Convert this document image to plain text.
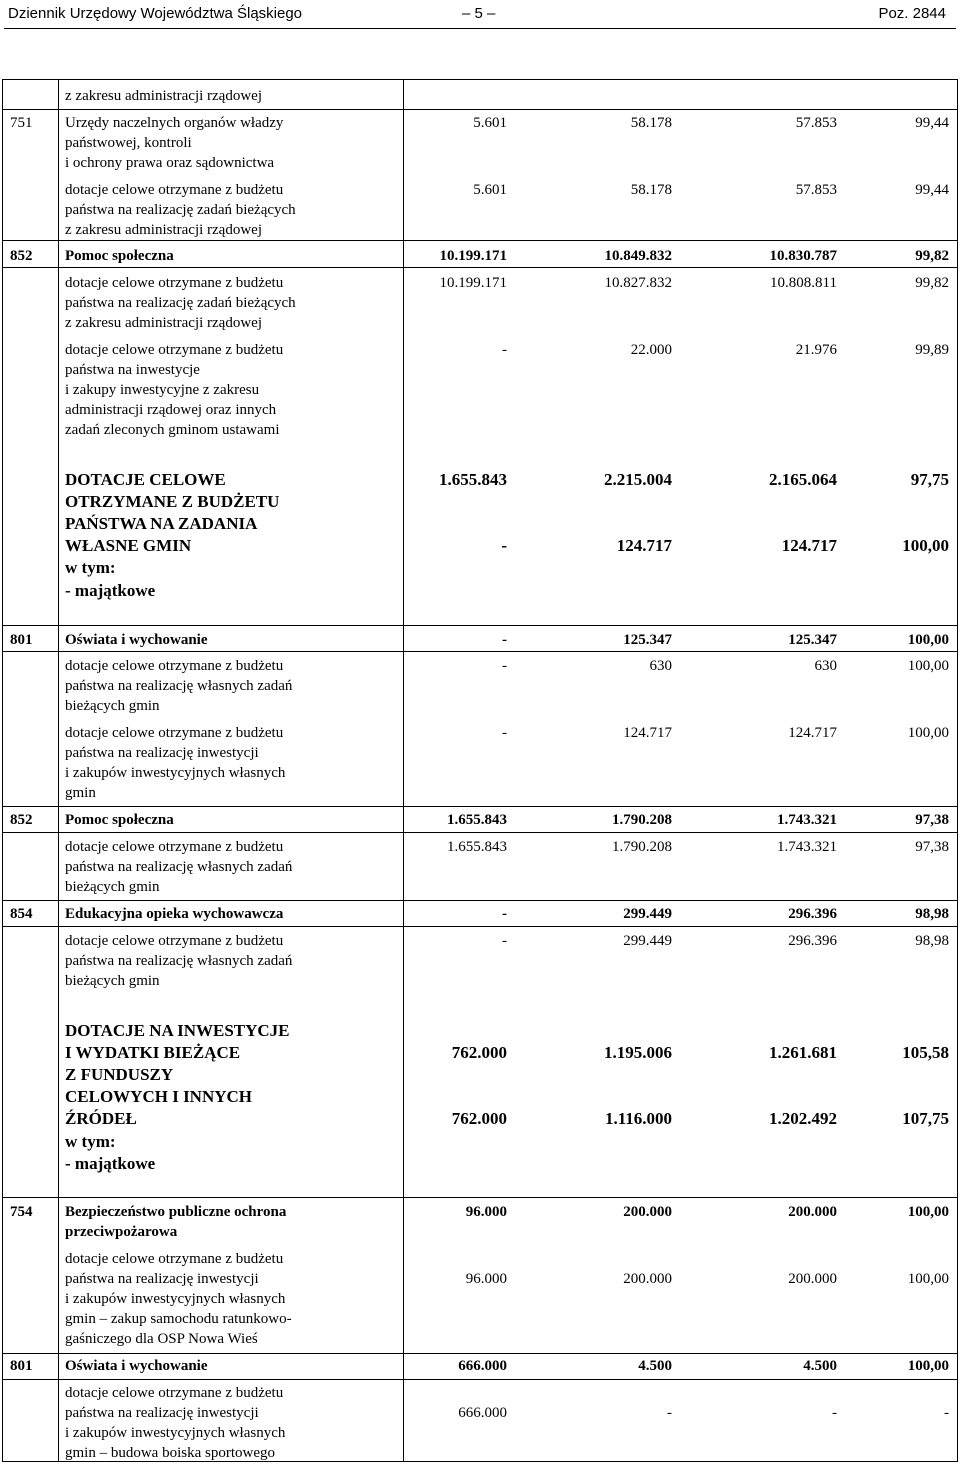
Dziennik Urzędowy Województwa Śląskiego	– 5 –	Poz. 2844
z zakresu administracji rządowej
751 Urzędy naczelnych organów władzy
państwowej, kontroli
i ochrony prawa oraz sądownictwa
5.601	58.178	57.853	99,44
dotacje celowe otrzymane z budżetu
państwa na realizację zadań bieżących
z zakresu administracji rządowej
5.601	58.178	57.853	99,44
852 Pomoc społeczna	10.199.171	10.849.832	10.830.787	99,82
dotacje celowe otrzymane z budżetu
państwa na realizację zadań bieżących
z zakresu administracji rządowej
10.199.171	10.827.832	10.808.811	99,82
dotacje celowe otrzymane z budżetu
państwa na inwestycje
i zakupy inwestycyjne z zakresu
administracji rządowej oraz innych
zadań zleconych gminom ustawami
-	22.000	21.976	99,89
DOTACJE CELOWE
OTRZYMANE Z BUDŻETU
PAŃSTWA NA ZADANIA
WŁASNE GMIN
w tym:
- majątkowe
1.655.843	2.215.004	2.165.064	97,75
-	124.717	124.717	100,00
801 Oświata i wychowanie	-	125.347	125.347	100,00
dotacje celowe otrzymane z budżetu
państwa na realizację własnych zadań
bieżących gmin
-	630	630	100,00
dotacje celowe otrzymane z budżetu
państwa na realizację inwestycji
i zakupów inwestycyjnych własnych
gmin
-	124.717	124.717	100,00
852 Pomoc społeczna	1.655.843	1.790.208	1.743.321	97,38
dotacje celowe otrzymane z budżetu
państwa na realizację własnych zadań
bieżących gmin
1.655.843	1.790.208	1.743.321	97,38
854 Edukacyjna opieka wychowawcza	-	299.449	296.396	98,98
dotacje celowe otrzymane z budżetu
państwa na realizację własnych zadań
bieżących gmin
-	299.449	296.396	98,98
DOTACJE NA INWESTYCJE
I WYDATKI BIEŻĄCE
Z FUNDUSZY
CELOWYCH I INNYCH
ŹRÓDEŁ
w tym:
- majątkowe
762.000	1.195.006	1.261.681	105,58
762.000	1.116.000	1.202.492	107,75
754 Bezpieczeństwo publiczne ochrona
przeciwpożarowa
96.000	200.000	200.000	100,00
dotacje celowe otrzymane z budżetu
państwa na realizację inwestycji
i zakupów inwestycyjnych własnych
gmin – zakup samochodu ratunkowo-
gaśniczego dla OSP Nowa Wieś
96.000	200.000	200.000	100,00
801 Oświata i wychowanie	666.000	4.500	4.500	100,00
dotacje celowe otrzymane z budżetu
państwa na realizację inwestycji
i zakupów inwestycyjnych własnych
gmin – budowa boiska sportowego
666.000	-	-	-
